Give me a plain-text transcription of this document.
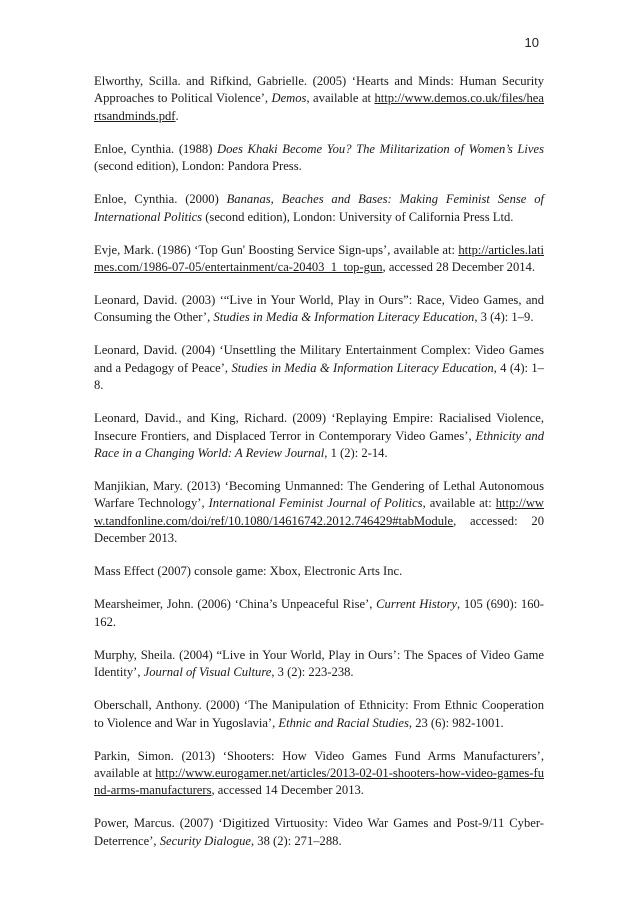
10

Elworthy, Scilla. and Rifkind, Gabrielle. (2005) ‘Hearts and Minds: Human Security Approaches to Political Violence’, Demos, available at http://www.demos.co.uk/files/heartsandminds.pdf.

Enloe, Cynthia. (1988) Does Khaki Become You? The Militarization of Women’s Lives (second edition), London: Pandora Press.

Enloe, Cynthia. (2000) Bananas, Beaches and Bases: Making Feminist Sense of International Politics (second edition), London: University of California Press Ltd.

Evje, Mark. (1986) ‘Top Gun' Boosting Service Sign-ups’, available at: http://articles.latimes.com/1986-07-05/entertainment/ca-20403_1_top-gun, accessed 28 December 2014.

Leonard, David. (2003) ‘“Live in Your World, Play in Ours”: Race, Video Games, and Consuming the Other’, Studies in Media & Information Literacy Education, 3 (4): 1–9.

Leonard, David. (2004) ‘Unsettling the Military Entertainment Complex: Video Games and a Pedagogy of Peace’, Studies in Media & Information Literacy Education, 4 (4): 1–8.

Leonard, David., and King, Richard. (2009) ‘Replaying Empire: Racialised Violence, Insecure Frontiers, and Displaced Terror in Contemporary Video Games’, Ethnicity and Race in a Changing World: A Review Journal, 1 (2): 2-14.

Manjikian, Mary. (2013) ‘Becoming Unmanned: The Gendering of Lethal Autonomous Warfare Technology’, International Feminist Journal of Politics, available at: http://www.tandfonline.com/doi/ref/10.1080/14616742.2012.746429#tabModule, accessed: 20 December 2013.

Mass Effect (2007) console game: Xbox, Electronic Arts Inc.

Mearsheimer, John. (2006) ‘China’s Unpeaceful Rise’, Current History, 105 (690): 160-162.

Murphy, Sheila. (2004) “Live in Your World, Play in Ours’: The Spaces of Video Game Identity’, Journal of Visual Culture, 3 (2): 223-238.

Oberschall, Anthony. (2000) ‘The Manipulation of Ethnicity: From Ethnic Cooperation to Violence and War in Yugoslavia’, Ethnic and Racial Studies, 23 (6): 982-1001.

Parkin, Simon. (2013) ‘Shooters: How Video Games Fund Arms Manufacturers’, available at http://www.eurogamer.net/articles/2013-02-01-shooters-how-video-games-fund-arms-manufacturers, accessed 14 December 2013.

Power, Marcus. (2007) ‘Digitized Virtuosity: Video War Games and Post-9/11 Cyber-Deterrence’, Security Dialogue, 38 (2): 271–288.
